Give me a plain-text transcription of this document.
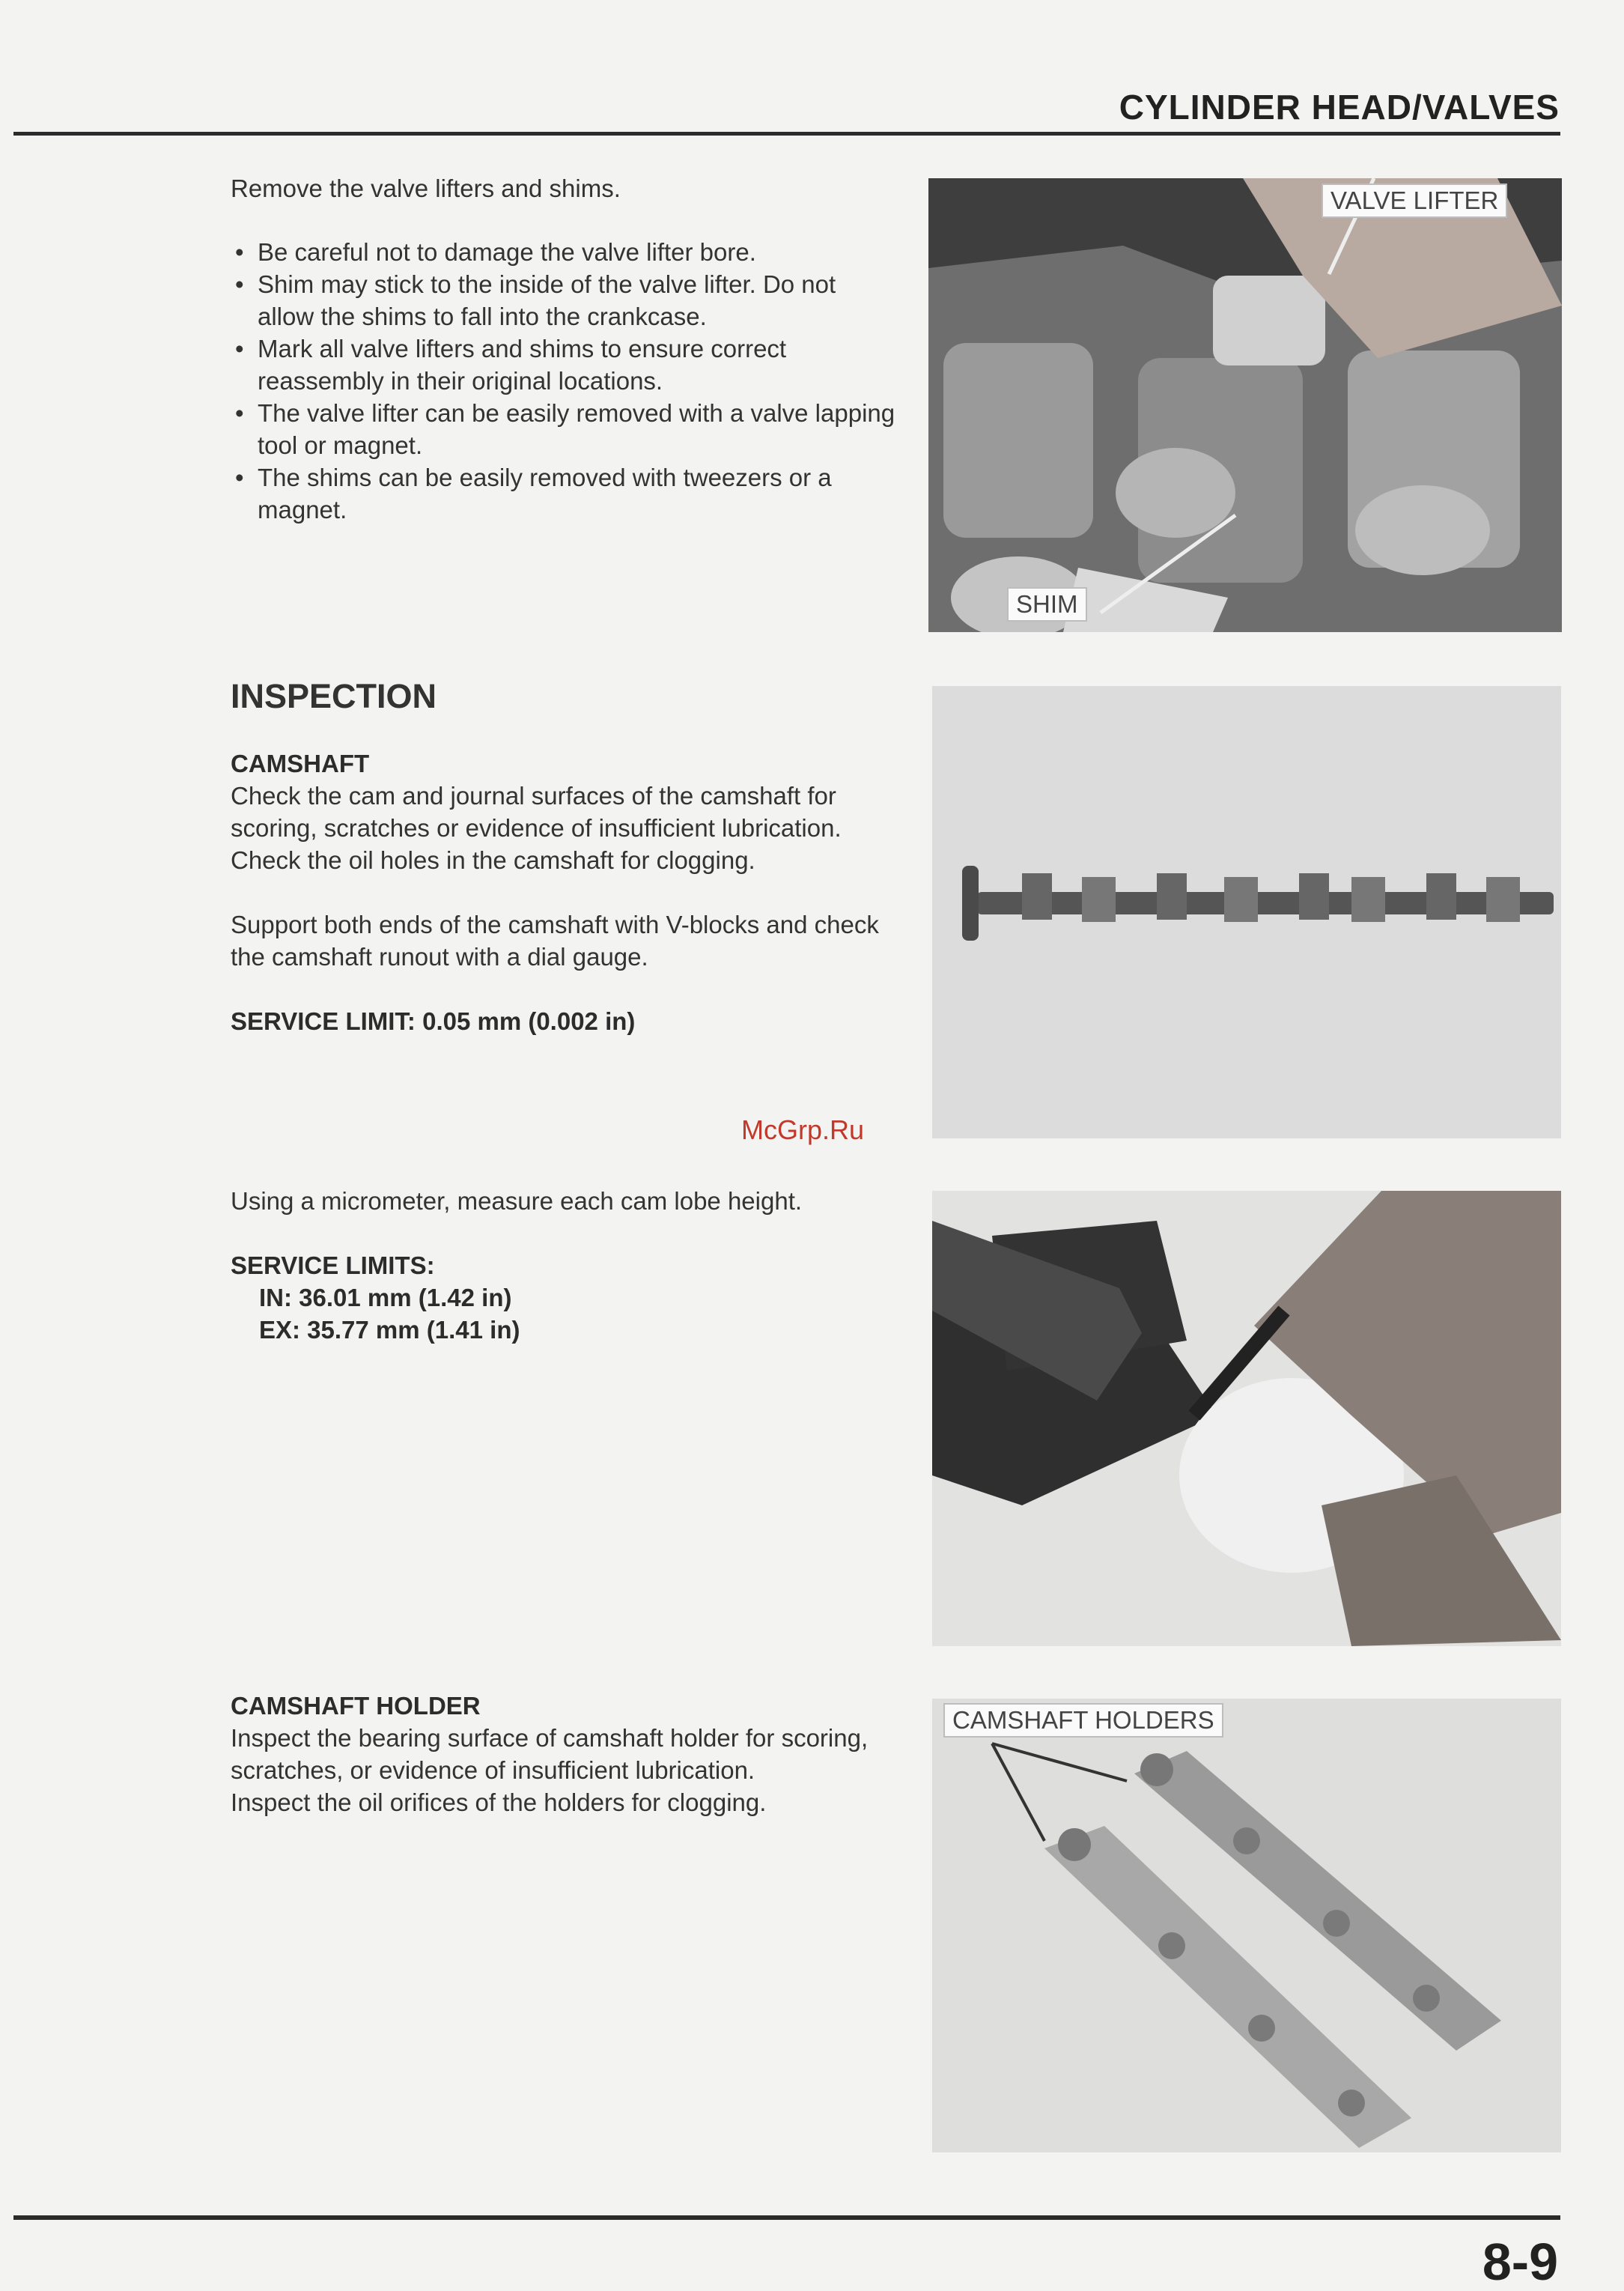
CYLINDER HEAD/VALVES

Remove the valve lifters and shims.

• Be careful not to damage the valve lifter bore.
• Shim may stick to the inside of the valve lifter. Do not allow the shims to fall into the crankcase.
• Mark all valve lifters and shims to ensure correct reassembly in their original locations.
• The valve lifter can be easily removed with a valve lapping tool or magnet.
• The shims can be easily removed with tweezers or a magnet.
VALVE LIFTER
SHIM
INSPECTION

CAMSHAFT

Check the cam and journal surfaces of the camshaft for scoring, scratches or evidence of insufficient lubrication.

Check the oil holes in the camshaft for clogging.

Support both ends of the camshaft with V-blocks and check the camshaft runout with a dial gauge.

SERVICE LIMIT: 0.05 mm (0.002 in)

McGrp.Ru

Using a micrometer, measure each cam lobe height.

SERVICE LIMITS:

IN: 36.01 mm (1.42 in)

EX: 35.77 mm (1.41 in)

CAMSHAFT HOLDER

Inspect the bearing surface of camshaft holder for scoring, scratches, or evidence of insufficient lubrication.

Inspect the oil orifices of the holders for clogging.

CAMSHAFT HOLDERS
8-9
